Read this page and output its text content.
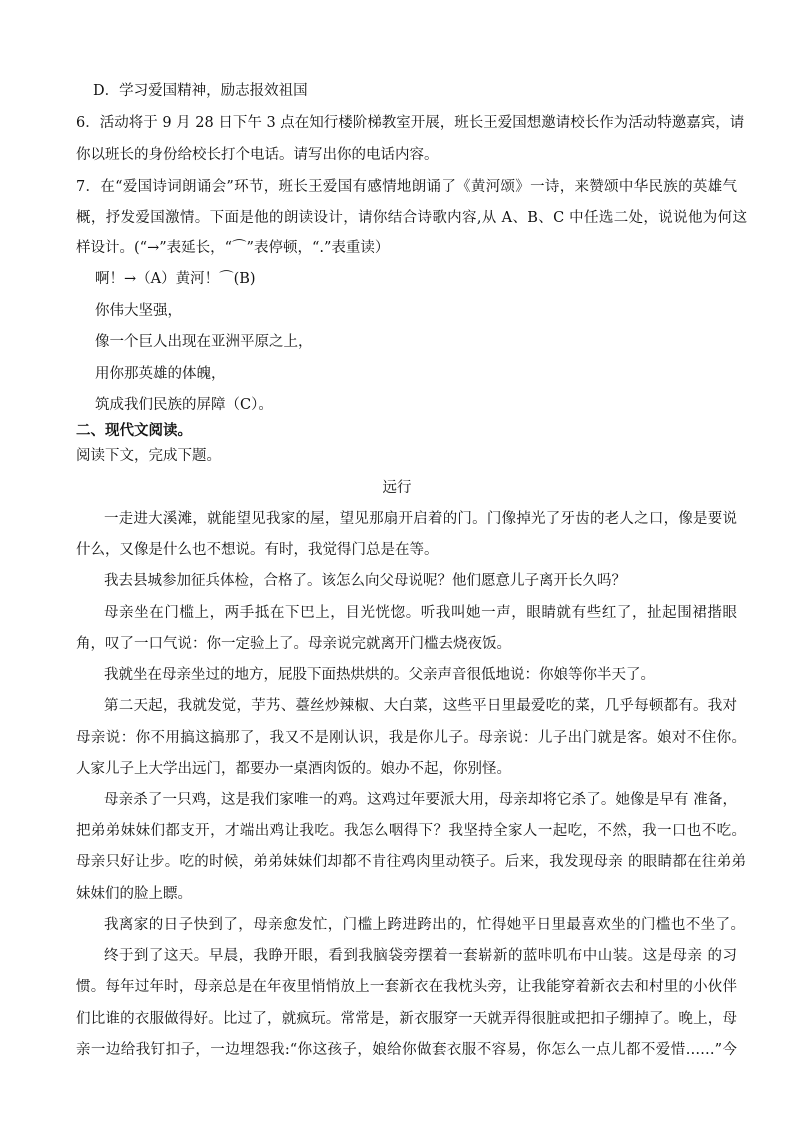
D．学习爱国精神，励志报效祖国
6．活动将于 9 月 28 日下午 3 点在知行楼阶梯教室开展，班长王爱国想邀请校长作为活动特邀嘉宾，请
你以班长的身份给校长打个电话。请写出你的电话内容。
7．在“爱国诗词朗诵会”环节，班长王爱国有感情地朗诵了《黄河颂》一诗，来赞颂中华民族的英雄气
概，抒发爱国激情。下面是他的朗读设计，请你结合诗歌内容,从 A、B、C 中任选二处，说说他为何这
样设计。(“→”表延长，“⌒”表停顿，“.”表重读）
啊！→（A）黄河！⌒(B)
你伟大坚强，
像一个巨人出现在亚洲平原之上，
用你那英雄的体魄，
筑成我们民族的屏障（C）。
二、现代文阅读。
阅读下文，完成下题。
远行
一走进大溪滩，就能望见我家的屋，望见那扇开启着的门。门像掉光了牙齿的老人之口，像是要说
什么，又像是什么也不想说。有时，我觉得门总是在等。
我去县城参加征兵体检，合格了。该怎么向父母说呢？他们愿意儿子离开长久吗？
母亲坐在门槛上，两手抵在下巴上，目光恍惚。听我叫她一声，眼睛就有些红了，扯起围裙揩眼
角，叹了一口气说：你一定验上了。母亲说完就离开门槛去烧夜饭。
我就坐在母亲坐过的地方，屁股下面热烘烘的。父亲声音很低地说：你娘等你半天了。
第二天起，我就发觉，芋艿、薹丝炒辣椒、大白菜，这些平日里最爱吃的菜，几乎每顿都有。我对
母亲说：你不用搞这搞那了，我又不是刚认识，我是你儿子。母亲说：儿子出门就是客。娘对不住你。
人家儿子上大学出远门，都要办一桌酒肉饭的。娘办不起，你别怪。
母亲杀了一只鸡，这是我们家唯一的鸡。这鸡过年要派大用，母亲却将它杀了。她像是早有 准备，
把弟弟妹妹们都支开，才端出鸡让我吃。我怎么咽得下？我坚持全家人一起吃，不然，我一口也不吃。
母亲只好让步。吃的时候，弟弟妹妹们却都不肯往鸡肉里动筷子。后来，我发现母亲 的眼睛都在往弟弟
妹妹们的脸上瞟。
我离家的日子快到了，母亲愈发忙，门槛上跨进跨出的，忙得她平日里最喜欢坐的门槛也不坐了。
终于到了这天。早晨，我睁开眼，看到我脑袋旁摆着一套崭新的蓝咔叽布中山装。这是母亲 的习
惯。每年过年时，母亲总是在年夜里悄悄放上一套新衣在我枕头旁，让我能穿着新衣去和村里的小伙伴
们比谁的衣服做得好。比过了，就疯玩。常常是，新衣服穿一天就弄得很脏或把扣子绷掉了。晚上，母
亲一边给我钉扣子，一边埋怨我:“你这孩子，娘给你做套衣服不容易，你怎么一点儿都不爱惜……”今
